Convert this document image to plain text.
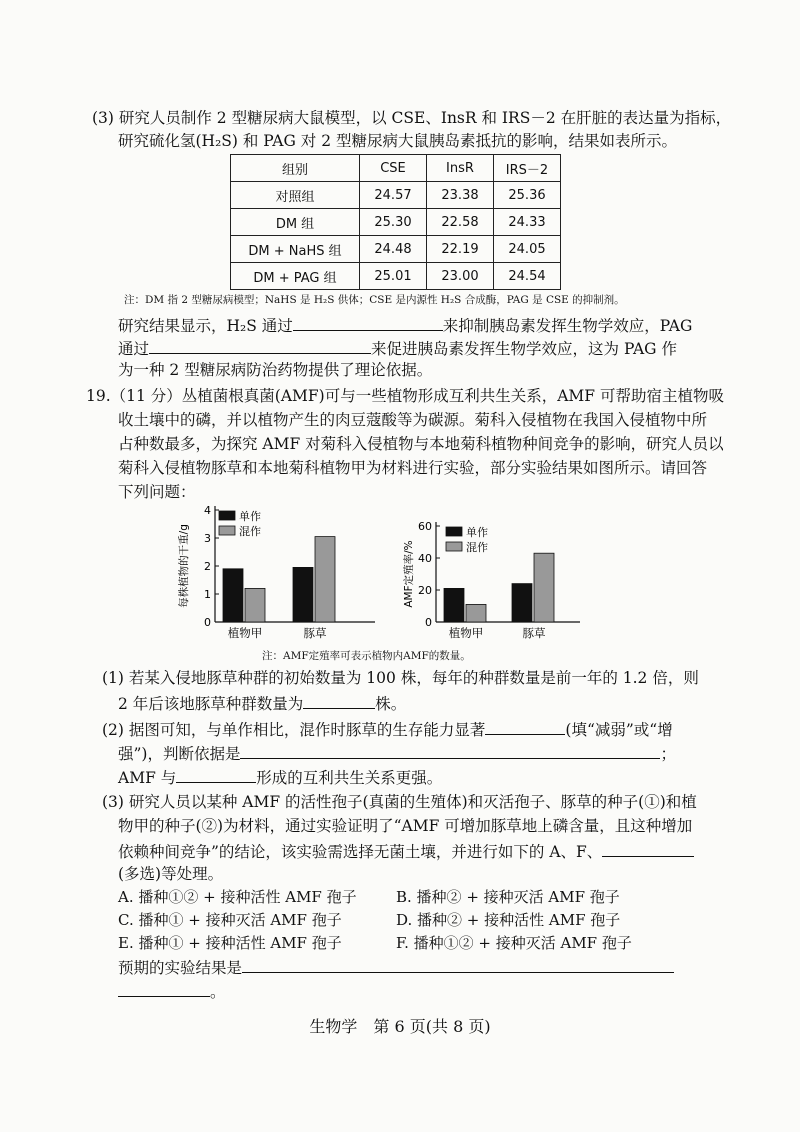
(3) 研究人员制作 2 型糖尿病大鼠模型，以 CSE、InsR 和 IRS－2 在肝脏的表达量为指标，
研究硫化氢(H₂S) 和 PAG 对 2 型糖尿病大鼠胰岛素抵抗的影响，结果如表所示。
组别	CSE	InsR	IRS－2
对照组	24.57	23.38	25.36
DM 组	25.30	22.58	24.33
DM + NaHS 组	24.48	22.19	24.05
DM + PAG 组	25.01	23.00	24.54
注：DM 指 2 型糖尿病模型；NaHS 是 H₂S 供体；CSE 是内源性 H₂S 合成酶，PAG 是 CSE 的抑制剂。
研究结果显示，H₂S 通过	来抑制胰岛素发挥生物学效应，PAG
通过	来促进胰岛素发挥生物学效应，这为 PAG 作
为一种 2 型糖尿病防治药物提供了理论依据。
19.（11 分）丛植菌根真菌(AMF)可与一些植物形成互利共生关系，AMF 可帮助宿主植物吸
收土壤中的磷，并以植物产生的肉豆蔻酸等为碳源。菊科入侵植物在我国入侵植物中所
占种数最多，为探究 AMF 对菊科入侵植物与本地菊科植物种间竞争的影响，研究人员以
菊科入侵植物豚草和本地菊科植物甲为材料进行实验，部分实验结果如图所示。请回答
下列问题：
0
1
2
3
4
每株植物的干重/g
植物甲	豚草
单作
混作
0
20
40
60
AMF定殖率/%
植物甲	豚草
单作
混作
注：AMF定殖率可表示植物内AMF的数量。
(1) 若某入侵地豚草种群的初始数量为 100 株，每年的种群数量是前一年的 1.2 倍，则
2 年后该地豚草种群数量为	株。
(2) 据图可知，与单作相比，混作时豚草的生存能力显著	(填“减弱”或“增
强”)，判断依据是	；
AMF 与	形成的互利共生关系更强。
(3) 研究人员以某种 AMF 的活性孢子(真菌的生殖体)和灭活孢子、豚草的种子(①)和植
物甲的种子(②)为材料，通过实验证明了“AMF 可增加豚草地上磷含量，且这种增加
依赖种间竞争”的结论，该实验需选择无菌土壤，并进行如下的 A、F、
(多选)等处理。
A. 播种①② + 接种活性 AMF 孢子	B. 播种② + 接种灭活 AMF 孢子
C. 播种① + 接种灭活 AMF 孢子	D. 播种② + 接种活性 AMF 孢子
E. 播种① + 接种活性 AMF 孢子	F. 播种①② + 接种灭活 AMF 孢子
预期的实验结果是
。
生物学　第 6 页(共 8 页)
